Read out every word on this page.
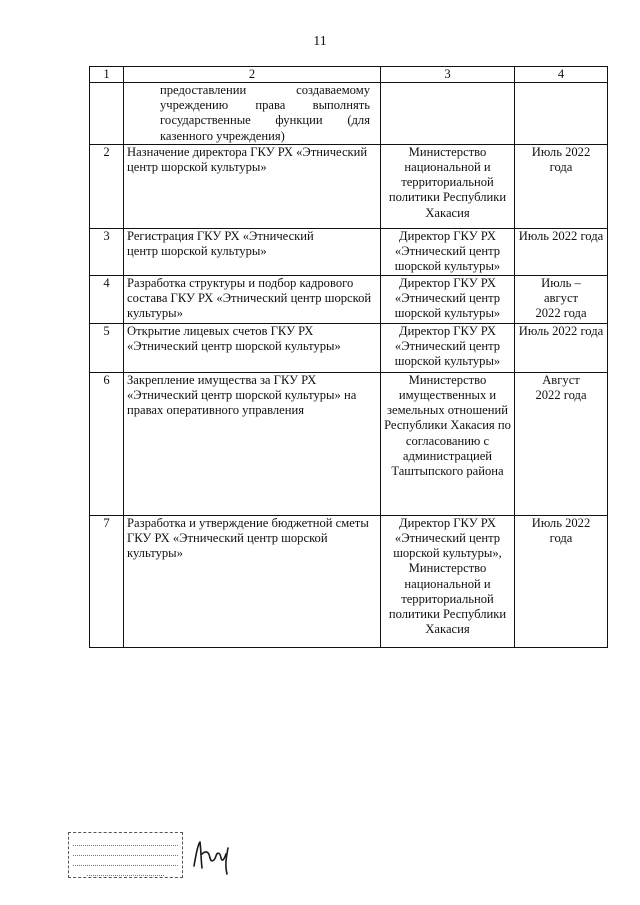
11
1	2	3	4
	предоставлении создаваемому учреждению права выполнять государственные функции (для казенного учреждения)		
2	Назначение директора ГКУ РХ «Этнический центр шорской культуры»	Министерство национальной и территориальной политики Республики Хакасия	Июль 2022 года
3	Регистрация ГКУ РХ «Этнический центр шорской культуры»	Директор ГКУ РХ «Этнический центр шорской культуры»	Июль 2022 года
4	Разработка структуры и подбор кадрового состава ГКУ РХ «Этнический центр шорской культуры»	Директор ГКУ РХ «Этнический центр шорской культуры»	Июль – август 2022 года
5	Открытие лицевых счетов ГКУ РХ «Этнический центр шорской культуры»	Директор ГКУ РХ «Этнический центр шорской культуры»	Июль 2022 года
6	Закрепление имущества за ГКУ РХ «Этнический центр шорской культуры» на правах оперативного управления	Министерство имущественных и земельных отношений Республики Хакасия по согласованию с администрацией Таштыпского района	Август 2022 года
7	Разработка и утверждение бюджетной сметы ГКУ РХ «Этнический центр шорской культуры»	Директор ГКУ РХ «Этнический центр шорской культуры», Министерство национальной и территориальной политики Республики Хакасия	Июль 2022 года
